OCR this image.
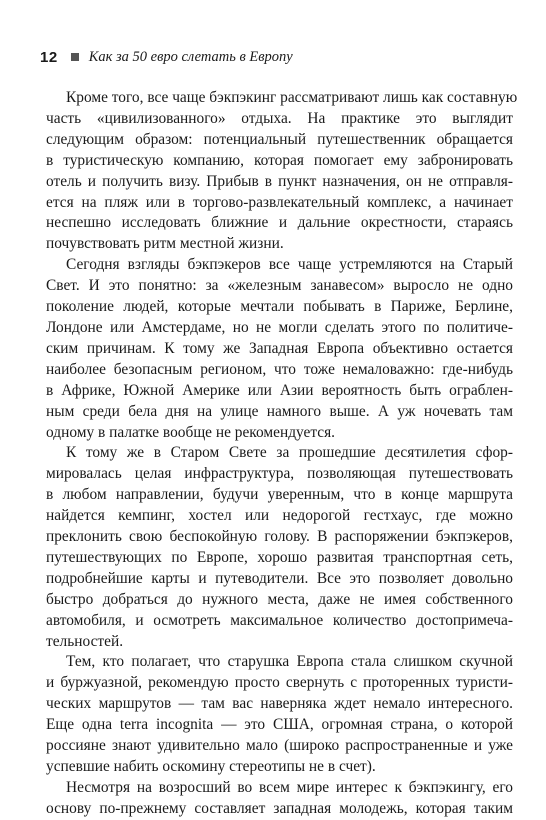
12 Как за 50 евро слетать в Европу

Кроме того, все чаще бэкпэкинг рассматривают лишь как составную
часть «цивилизованного» отдыха. На практике это выглядит
следующим образом: потенциальный путешественник обращается
в туристическую компанию, которая помогает ему забронировать
отель и получить визу. Прибыв в пункт назначения, он не отправля-
ется на пляж или в торгово-развлекательный комплекс, а начинает
неспешно исследовать ближние и дальние окрестности, стараясь
почувствовать ритм местной жизни.

Сегодня взгляды бэкпэкеров все чаще устремляются на Старый
Свет. И это понятно: за «железным занавесом» выросло не одно
поколение людей, которые мечтали побывать в Париже, Берлине,
Лондоне или Амстердаме, но не могли сделать этого по политиче-
ским причинам. К тому же Западная Европа объективно остается
наиболее безопасным регионом, что тоже немаловажно: где-нибудь
в Африке, Южной Америке или Азии вероятность быть ограблен-
ным среди бела дня на улице намного выше. А уж ночевать там
одному в палатке вообще не рекомендуется.

К тому же в Старом Свете за прошедшие десятилетия сфор-
мировалась целая инфраструктура, позволяющая путешествовать
в любом направлении, будучи уверенным, что в конце маршрута
найдется кемпинг, хостел или недорогой гестхаус, где можно
преклонить свою беспокойную голову. В распоряжении бэкпэкеров,
путешествующих по Европе, хорошо развитая транспортная сеть,
подробнейшие карты и путеводители. Все это позволяет довольно
быстро добраться до нужного места, даже не имея собственного
автомобиля, и осмотреть максимальное количество достопримеча-
тельностей.

Тем, кто полагает, что старушка Европа стала слишком скучной
и буржуазной, рекомендую просто свернуть с проторенных туристи-
ческих маршрутов — там вас наверняка ждет немало интересного.
Еще одна terra incognita — это США, огромная страна, о которой
россияне знают удивительно мало (широко распространенные и уже
успевшие набить оскомину стереотипы не в счет).

Несмотря на возросший во всем мире интерес к бэкпэкингу, его
основу по-прежнему составляет западная молодежь, которая таким
